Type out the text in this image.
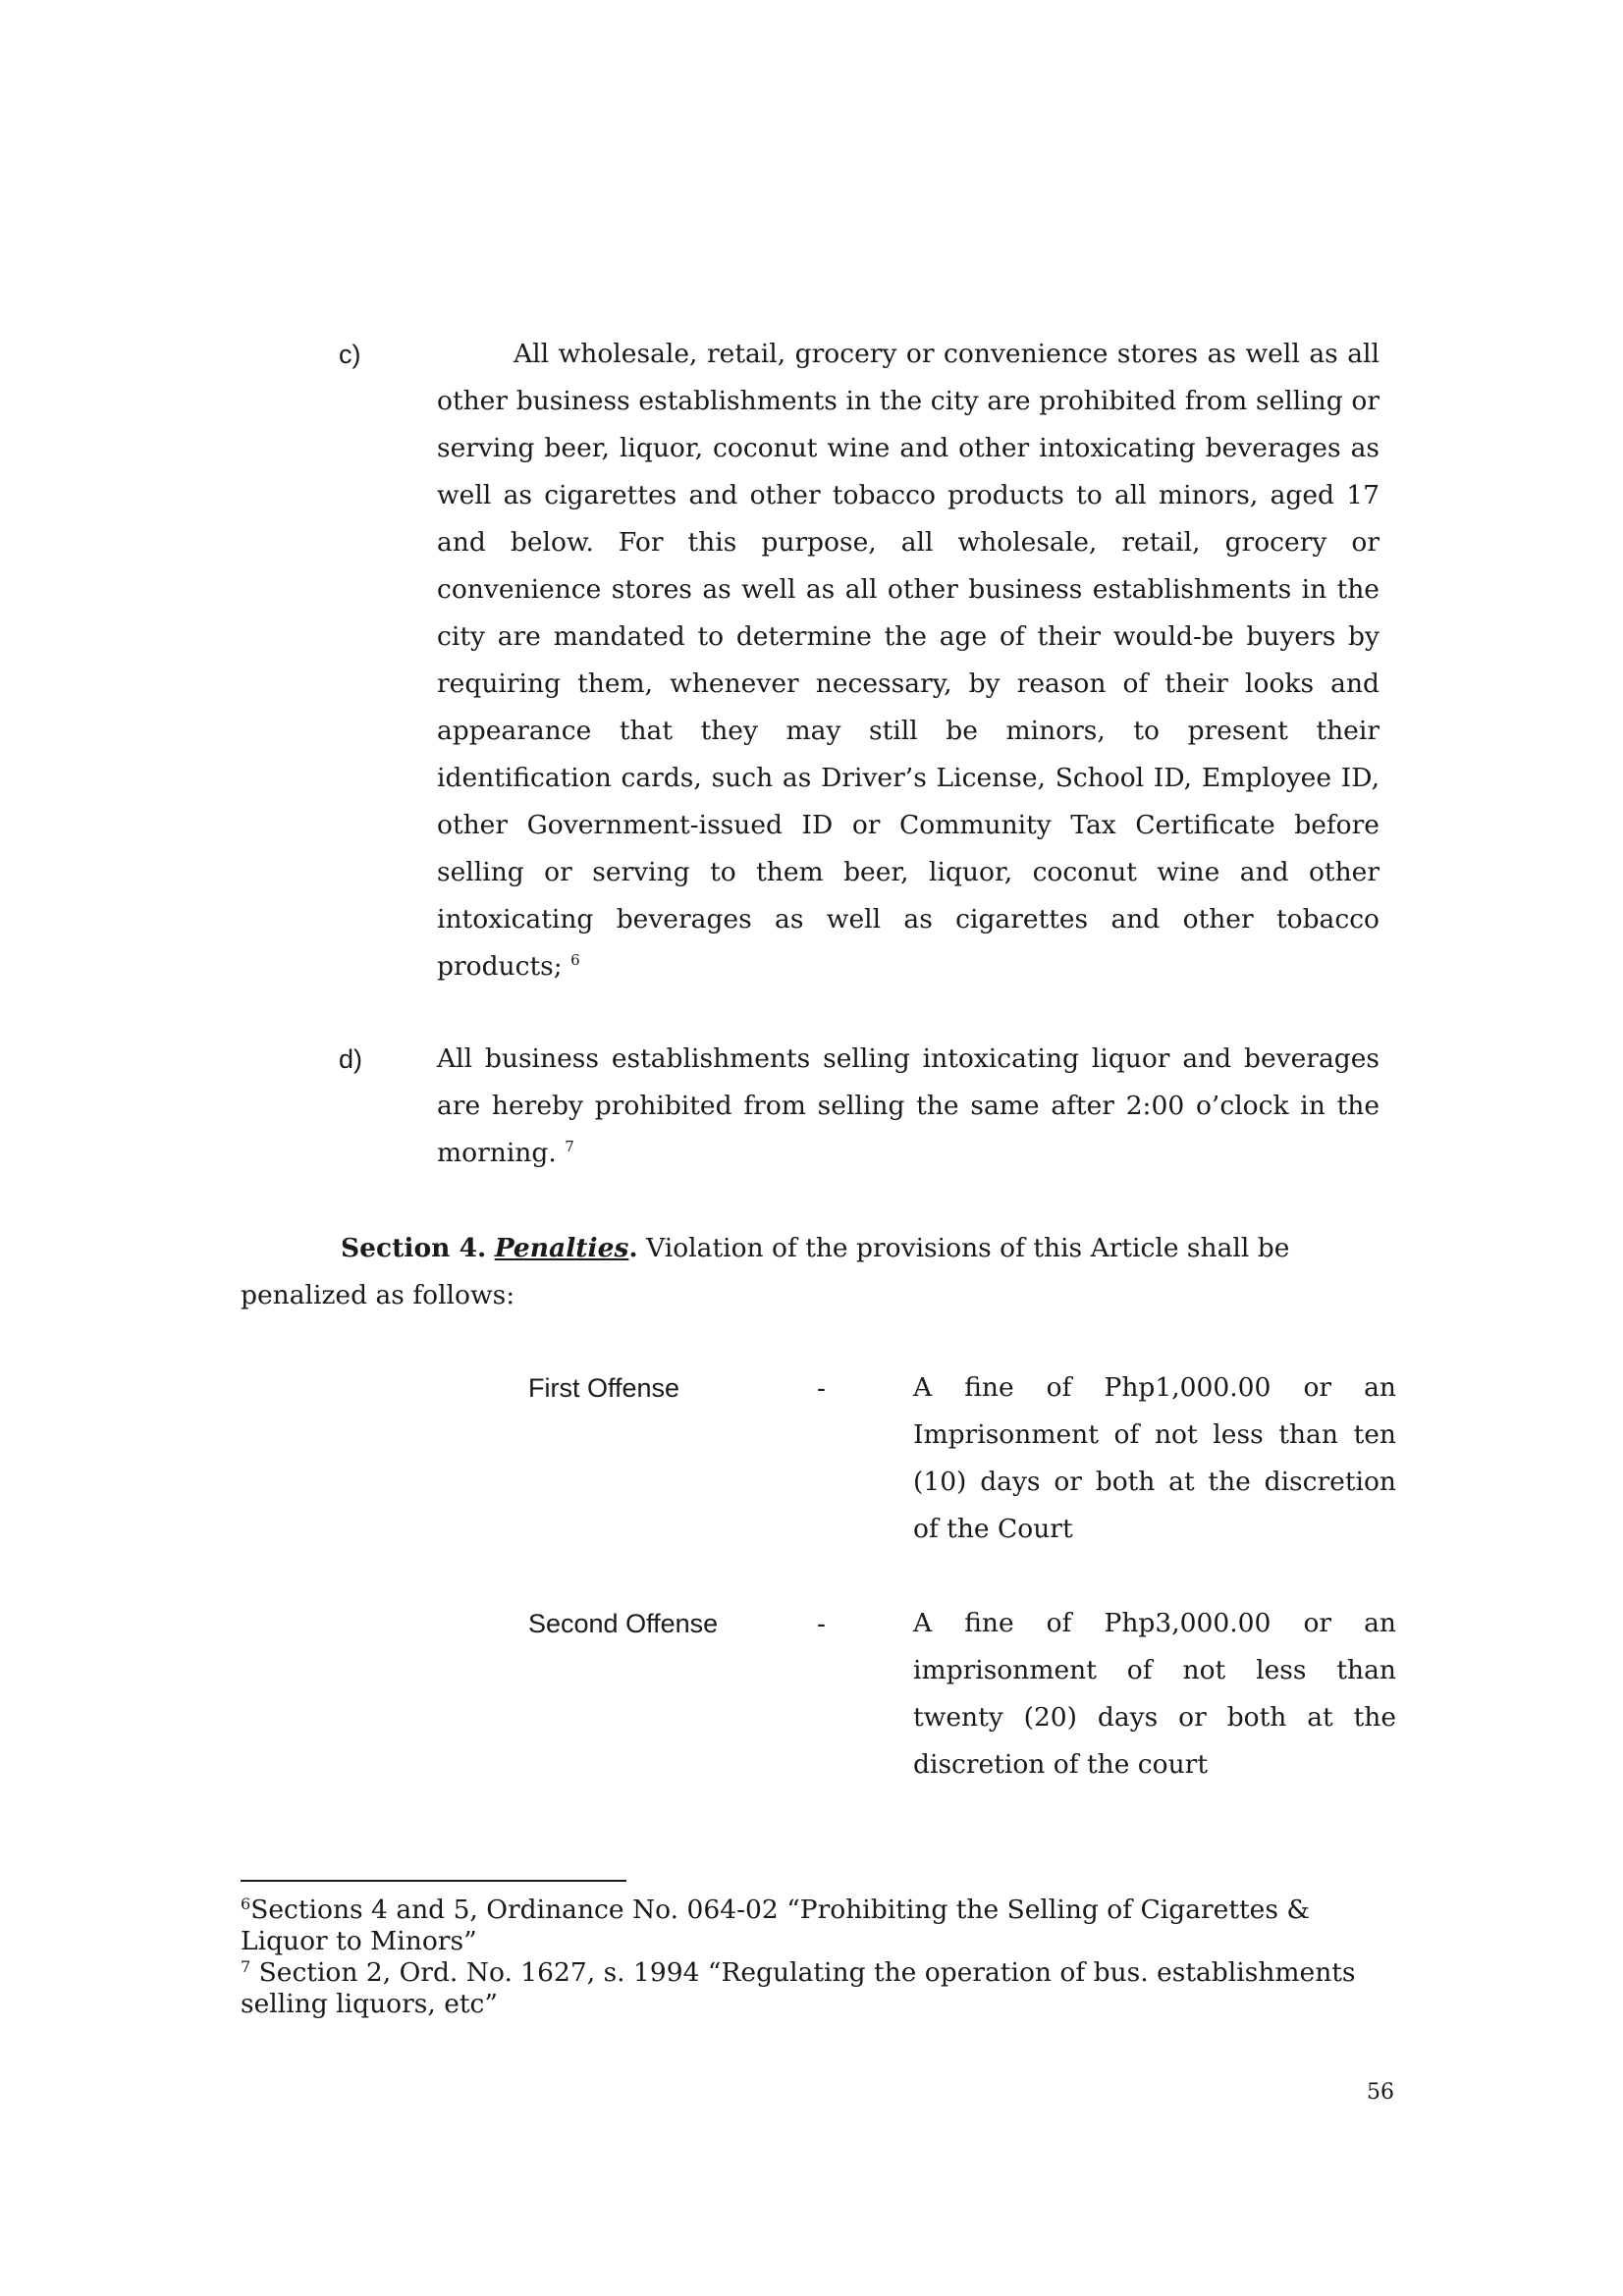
c)	All wholesale, retail, grocery or convenience stores as well as all other business establishments in the city are prohibited from selling or serving beer, liquor, coconut wine and other intoxicating beverages as well as cigarettes and other tobacco products to all minors, aged 17 and below. For this purpose, all wholesale, retail, grocery or convenience stores as well as all other business establishments in the city are mandated to determine the age of their would-be buyers by requiring them, whenever necessary, by reason of their looks and appearance that they may still be minors, to present their identification cards, such as Driver’s License, School ID, Employee ID, other Government-issued ID or Community Tax Certificate before selling or serving to them beer, liquor, coconut wine and other intoxicating beverages as well as cigarettes and other tobacco products; $^6$
d)	All business establishments selling intoxicating liquor and beverages are hereby prohibited from selling the same after 2:00 o’clock in the morning. $^7$
Section 4. Penalties. Violation of the provisions of this Article shall be penalized as follows:
First Offense	-	A fine of Php1,000.00 or an Imprisonment of not less than ten (10) days or both at the discretion of the Court
Second Offense	-	A fine of Php3,000.00 or an imprisonment of not less than twenty (20) days or both at the discretion of the court

$^6$Sections 4 and 5, Ordinance No. 064-02 “Prohibiting the Selling of Cigarettes & Liquor to Minors”

$^7$ Section 2, Ord. No. 1627, s. 1994 “Regulating the operation of bus. establishments selling liquors, etc”

56
